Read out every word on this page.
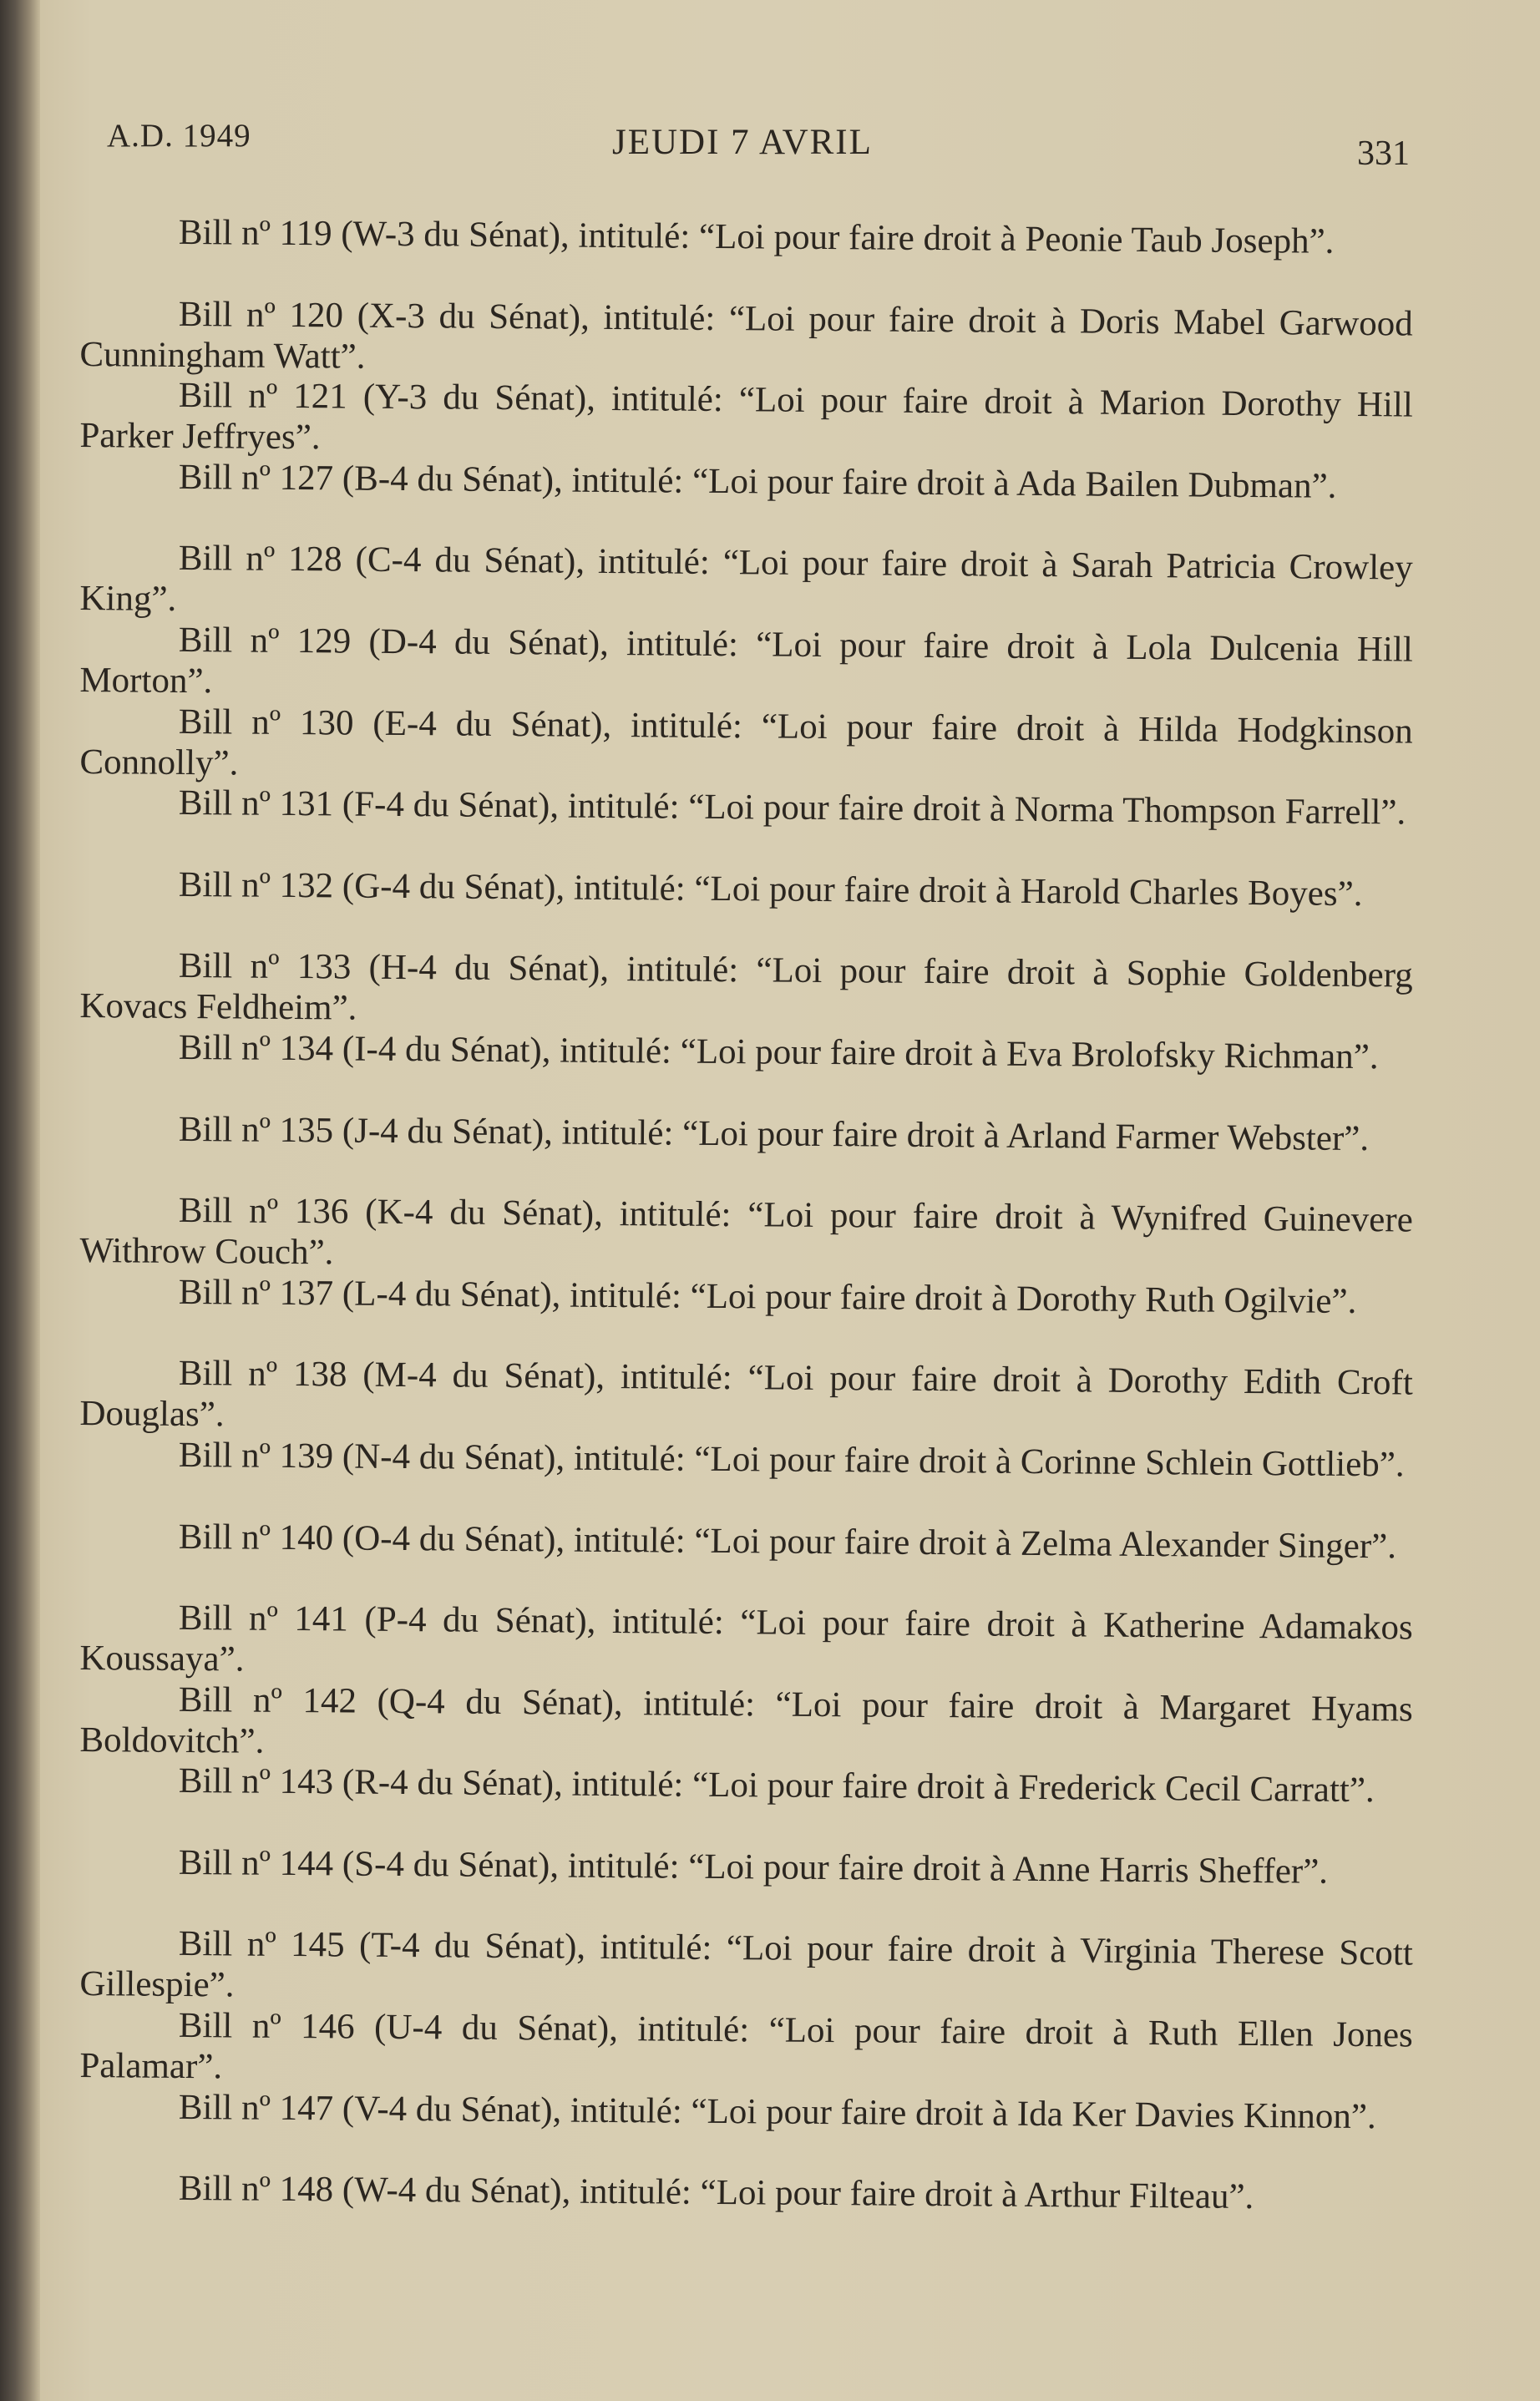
A.D. 1949	JEUDI 7 AVRIL	331

Bill nº 119 (W-3 du Sénat), intitulé: “Loi pour faire droit à Peonie Taub Joseph”.

Bill nº 120 (X-3 du Sénat), intitulé: “Loi pour faire droit à Doris Mabel Garwood Cunningham Watt”.

Bill nº 121 (Y-3 du Sénat), intitulé: “Loi pour faire droit à Marion Dorothy Hill Parker Jeffryes”.

Bill nº 127 (B-4 du Sénat), intitulé: “Loi pour faire droit à Ada Bailen Dubman”.

Bill nº 128 (C-4 du Sénat), intitulé: “Loi pour faire droit à Sarah Patricia Crowley King”.

Bill nº 129 (D-4 du Sénat), intitulé: “Loi pour faire droit à Lola Dulcenia Hill Morton”.

Bill nº 130 (E-4 du Sénat), intitulé: “Loi pour faire droit à Hilda Hodgkinson Connolly”.

Bill nº 131 (F-4 du Sénat), intitulé: “Loi pour faire droit à Norma Thompson Farrell”.

Bill nº 132 (G-4 du Sénat), intitulé: “Loi pour faire droit à Harold Charles Boyes”.

Bill nº 133 (H-4 du Sénat), intitulé: “Loi pour faire droit à Sophie Goldenberg Kovacs Feldheim”.

Bill nº 134 (I-4 du Sénat), intitulé: “Loi pour faire droit à Eva Brolofsky Richman”.

Bill nº 135 (J-4 du Sénat), intitulé: “Loi pour faire droit à Arland Farmer Webster”.

Bill nº 136 (K-4 du Sénat), intitulé: “Loi pour faire droit à Wynifred Guinevere Withrow Couch”.

Bill nº 137 (L-4 du Sénat), intitulé: “Loi pour faire droit à Dorothy Ruth Ogilvie”.

Bill nº 138 (M-4 du Sénat), intitulé: “Loi pour faire droit à Dorothy Edith Croft Douglas”.

Bill nº 139 (N-4 du Sénat), intitulé: “Loi pour faire droit à Corinne Schlein Gottlieb”.

Bill nº 140 (O-4 du Sénat), intitulé: “Loi pour faire droit à Zelma Alexander Singer”.

Bill nº 141 (P-4 du Sénat), intitulé: “Loi pour faire droit à Katherine Adamakos Koussaya”.

Bill nº 142 (Q-4 du Sénat), intitulé: “Loi pour faire droit à Margaret Hyams Boldovitch”.

Bill nº 143 (R-4 du Sénat), intitulé: “Loi pour faire droit à Frederick Cecil Carratt”.

Bill nº 144 (S-4 du Sénat), intitulé: “Loi pour faire droit à Anne Harris Sheffer”.

Bill nº 145 (T-4 du Sénat), intitulé: “Loi pour faire droit à Virginia Therese Scott Gillespie”.

Bill nº 146 (U-4 du Sénat), intitulé: “Loi pour faire droit à Ruth Ellen Jones Palamar”.

Bill nº 147 (V-4 du Sénat), intitulé: “Loi pour faire droit à Ida Ker Davies Kinnon”.

Bill nº 148 (W-4 du Sénat), intitulé: “Loi pour faire droit à Arthur Filteau”.
